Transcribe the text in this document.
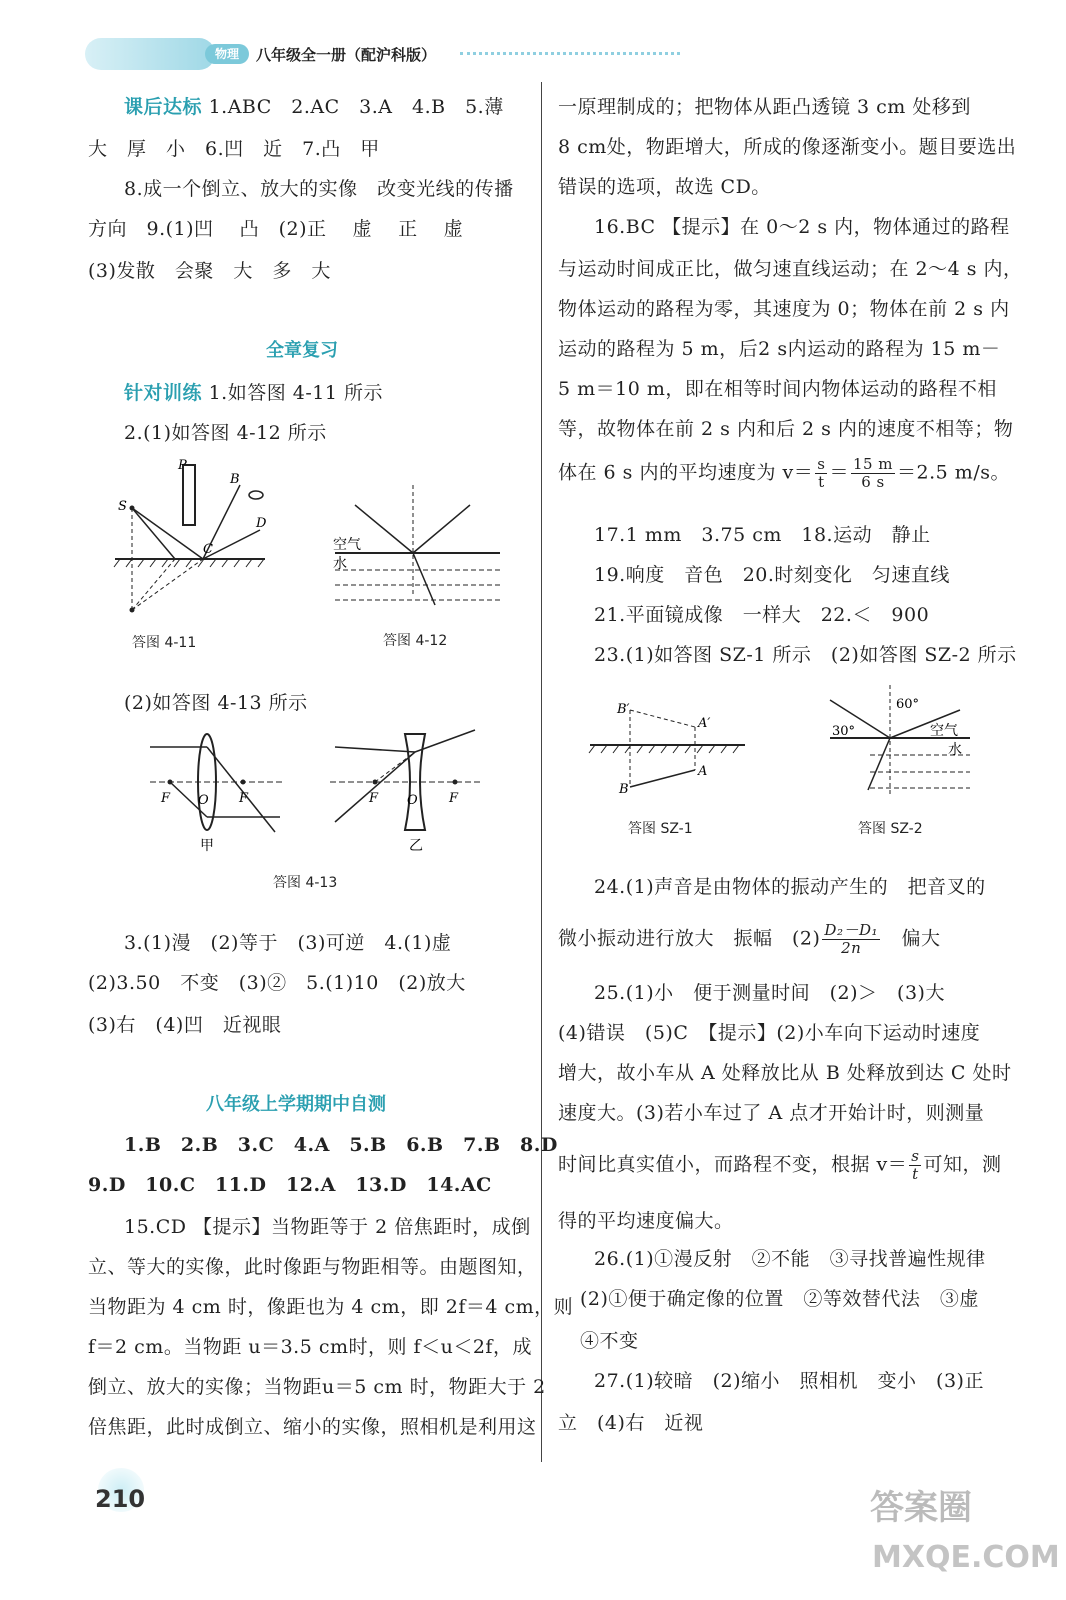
物理	八年级全一册（配沪科版）
课后达标 1.ABC　2.AC　3.A　4.B　5.薄
大　厚　小　6.凹　近　7.凸　甲
8.成一个倒立、放大的实像　改变光线的传播
方向　9.(1)凹　 凸　(2)正　 虚　 正　 虚
(3)发散　会聚　大　多　大
全章复习
针对训练 1.如答图 4-11 所示
2.(1)如答图 4-12 所示
P
B
S
C
D
答图 4-11
空气
水
答图 4-12
(2)如答图 4-13 所示
F O F
甲
F O F
乙
答图 4-13
3.(1)漫　(2)等于　(3)可逆　4.(1)虚
(2)3.50　不变　(3)②　5.(1)10　(2)放大
(3)右　(4)凹　近视眼
八年级上学期期中自测
1.B　2.B　3.C　4.A　5.B　6.B　7.B　8.D
9.D　10.C　11.D　12.A　13.D　14.AC
15.CD 【提示】当物距等于 2 倍焦距时，成倒
立、等大的实像，此时像距与物距相等。由题图知，
当物距为 4 cm 时，像距也为 4 cm，即 2f＝4 cm，则
f＝2 cm。当物距 u＝3.5 cm时，则 f＜u＜2f，成
倒立、放大的实像；当物距u＝5 cm 时，物距大于 2
倍焦距，此时成倒立、缩小的实像，照相机是利用这
一原理制成的；把物体从距凸透镜 3 cm 处移到
8 cm处，物距增大，所成的像逐渐变小。题目要选出
错误的选项，故选 CD。
16.BC 【提示】在 0～2 s 内，物体通过的路程
与运动时间成正比，做匀速直线运动；在 2～4 s 内，
物体运动的路程为零，其速度为 0；物体在前 2 s 内
运动的路程为 5 m，后2 s内运动的路程为 15 m－
5 m＝10 m，即在相等时间内物体运动的路程不相
等，故物体在前 2 s 内和后 2 s 内的速度不相等；物
体在 6 s 内的平均速度为 $v= \frac{s}{t} = \frac{15 m}{6 s} =2.5$ m/s。
17.1 mm　3.75 cm　18.运动　静止
19.响度　音色　20.时刻变化　匀速直线
21.平面镜成像　一样大　22.＜　900
23.(1)如答图 SZ-1 所示　(2)如答图 SZ-2 所示
B′
A′
A
B
答图 SZ-1
30°
60°
空气
水
答图 SZ-2
24.(1)声音是由物体的振动产生的　把音叉的
微小振动进行放大　振幅　$(2) \frac{\text{D₂－D₁}}{2n}$ 　偏大
25.(1)小　便于测量时间　(2)＞　(3)大
(4)错误　(5)C　【提示】(2)小车向下运动时速度
增大，故小车从 A 处释放比从 B 处释放到达 C 处时
速度大。(3)若小车过了 A 点才开始计时，则测量
时间比真实值小，而路程不变，根据 $v= \frac{s}{t}$ 可知，测
得的平均速度偏大。
26.(1)①漫反射　②不能　③寻找普遍性规律
(2)①便于确定像的位置　②等效替代法　③虚
④不变
27.(1)较暗　(2)缩小　照相机　变小　(3)正
立　(4)右　近视
210	答案圈
MXQE.COM
